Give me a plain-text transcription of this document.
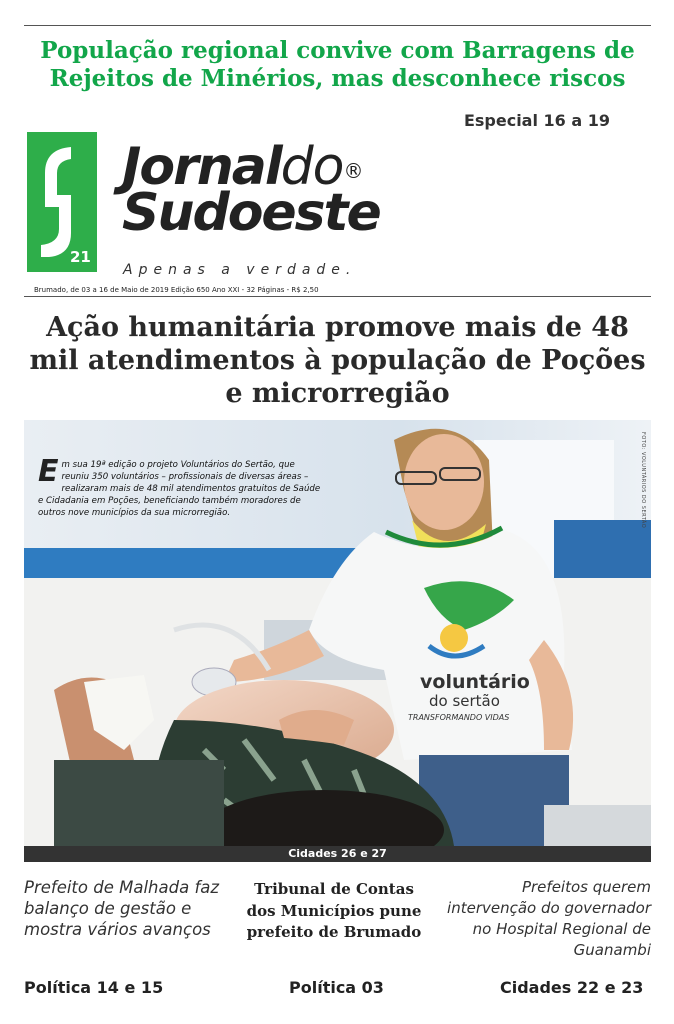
População regional convive com Barragens de Rejeitos de Minérios, mas desconhece riscos
Especial 16 a 19
21
Jornaldo®
Sudoeste
Apenas a verdade.
Brumado, de 03 a 16 de Maio de 2019 Edição 650 Ano XXI - 32 Páginas - R$ 2,50
Ação humanitária promove mais de 48 mil atendimentos à população de Poções e microrregião
voluntário
do sertão
TRANSFORMANDO VIDAS
Em sua 19ª edição o projeto Voluntários do Sertão, que reuniu 350 voluntários – profissionais de diversas áreas – realizaram mais de 48 mil atendimentos gratuitos de Saúde e Cidadania em Poções, beneficiando também moradores de outros nove municípios da sua microrregião.	FOTO: VOLUNTÁRIOS DO SERTÃO
Cidades 26 e 27
Prefeito de Malhada faz balanço de gestão e mostra vários avanços
Tribunal de Contas dos Municípios pune prefeito de Brumado
Prefeitos querem intervenção do governador no Hospital Regional de Guanambi
Política 14 e 15	Política 03	Cidades 22 e 23
